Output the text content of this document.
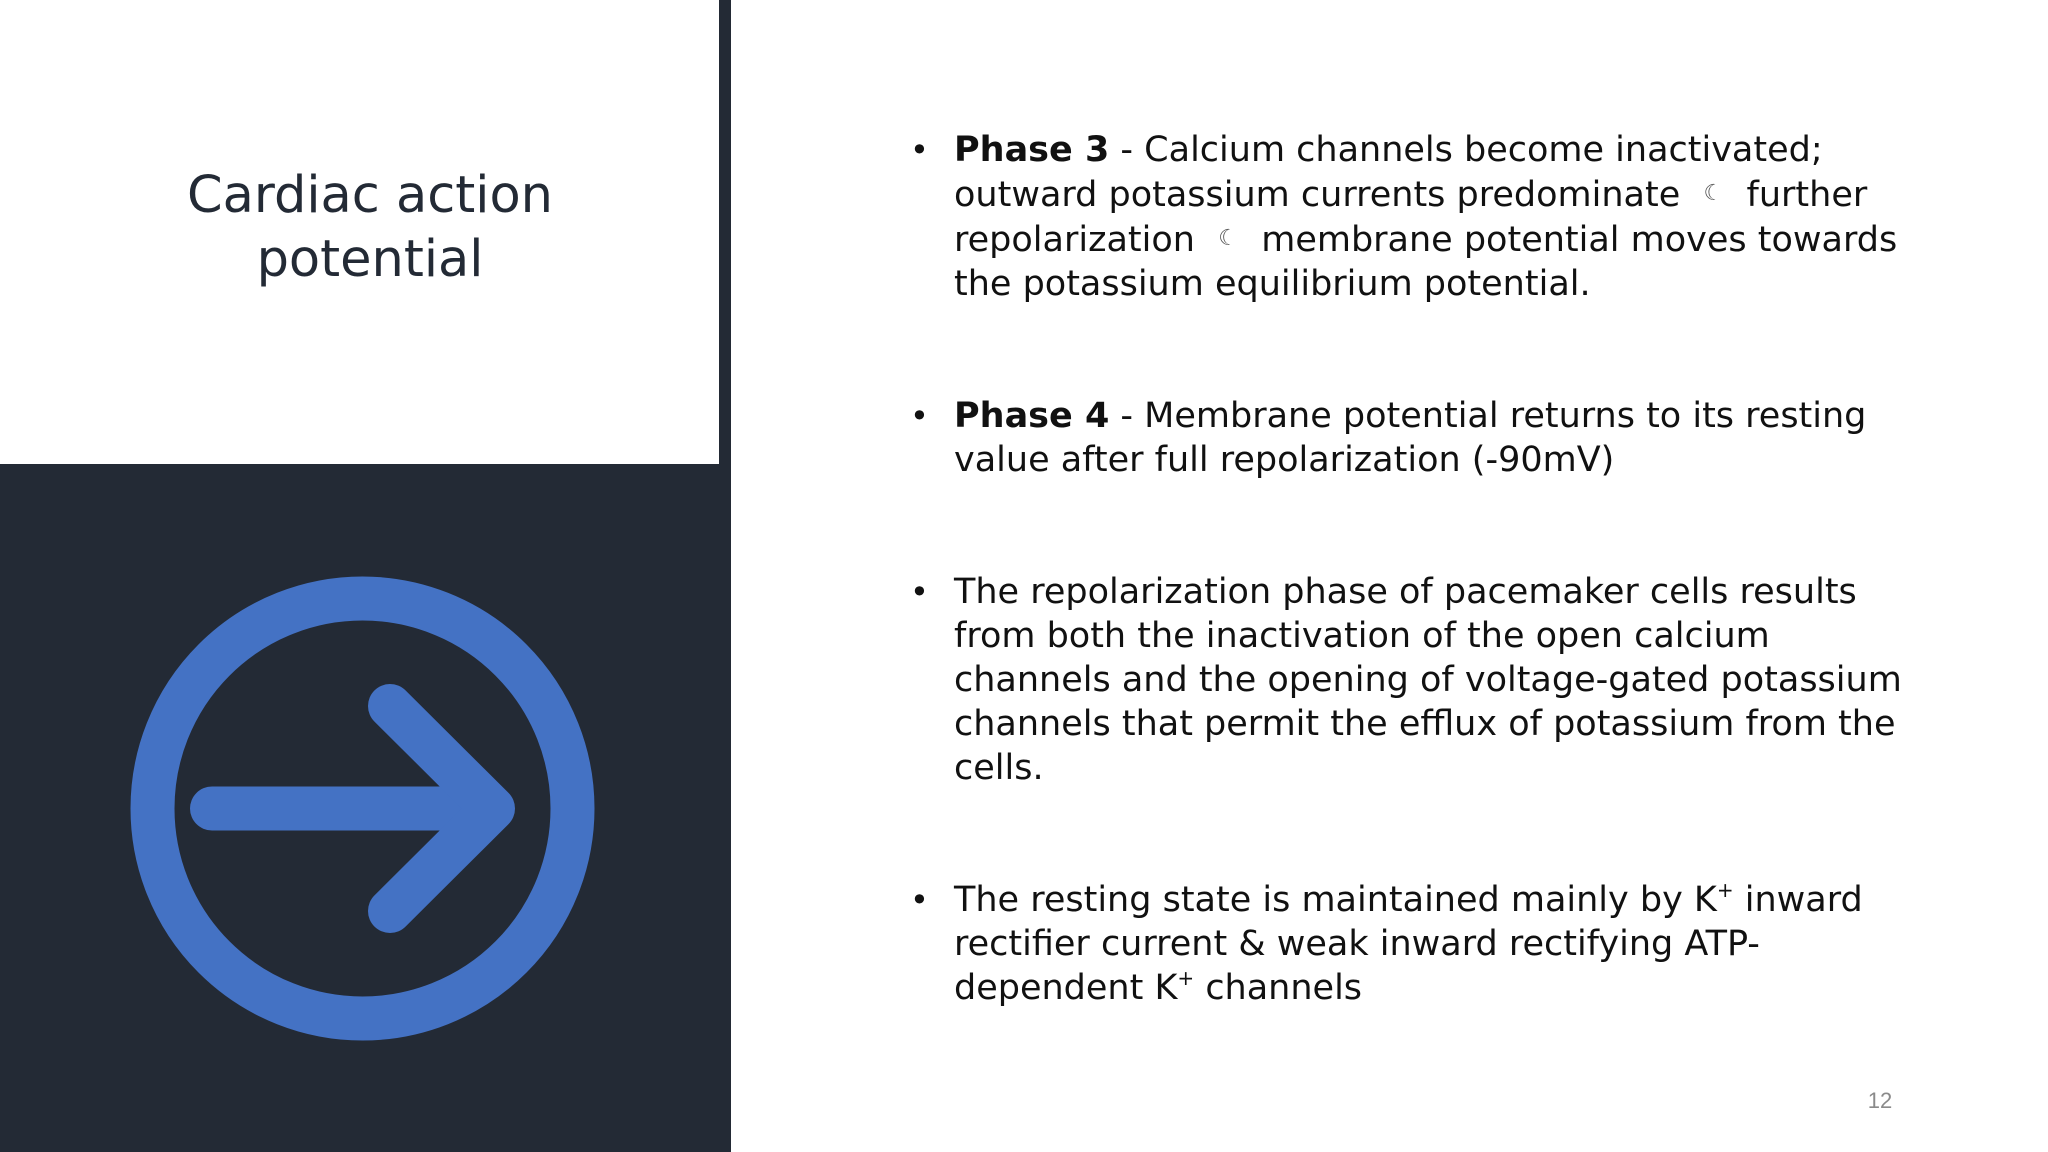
Cardiac action
potential

• Phase 3 - Calcium channels become inactivated; outward potassium currents predominate ☾ further repolarization ☾ membrane potential moves towards the potassium equilibrium potential.

• Phase 4 - Membrane potential returns to its resting value after full repolarization (-90mV)

• The repolarization phase of pacemaker cells results from both the inactivation of the open calcium channels and the opening of voltage-gated potassium channels that permit the efflux of potassium from the cells.

• The resting state is maintained mainly by K+ inward rectifier current & weak inward rectifying ATP-dependent K+ channels

12
